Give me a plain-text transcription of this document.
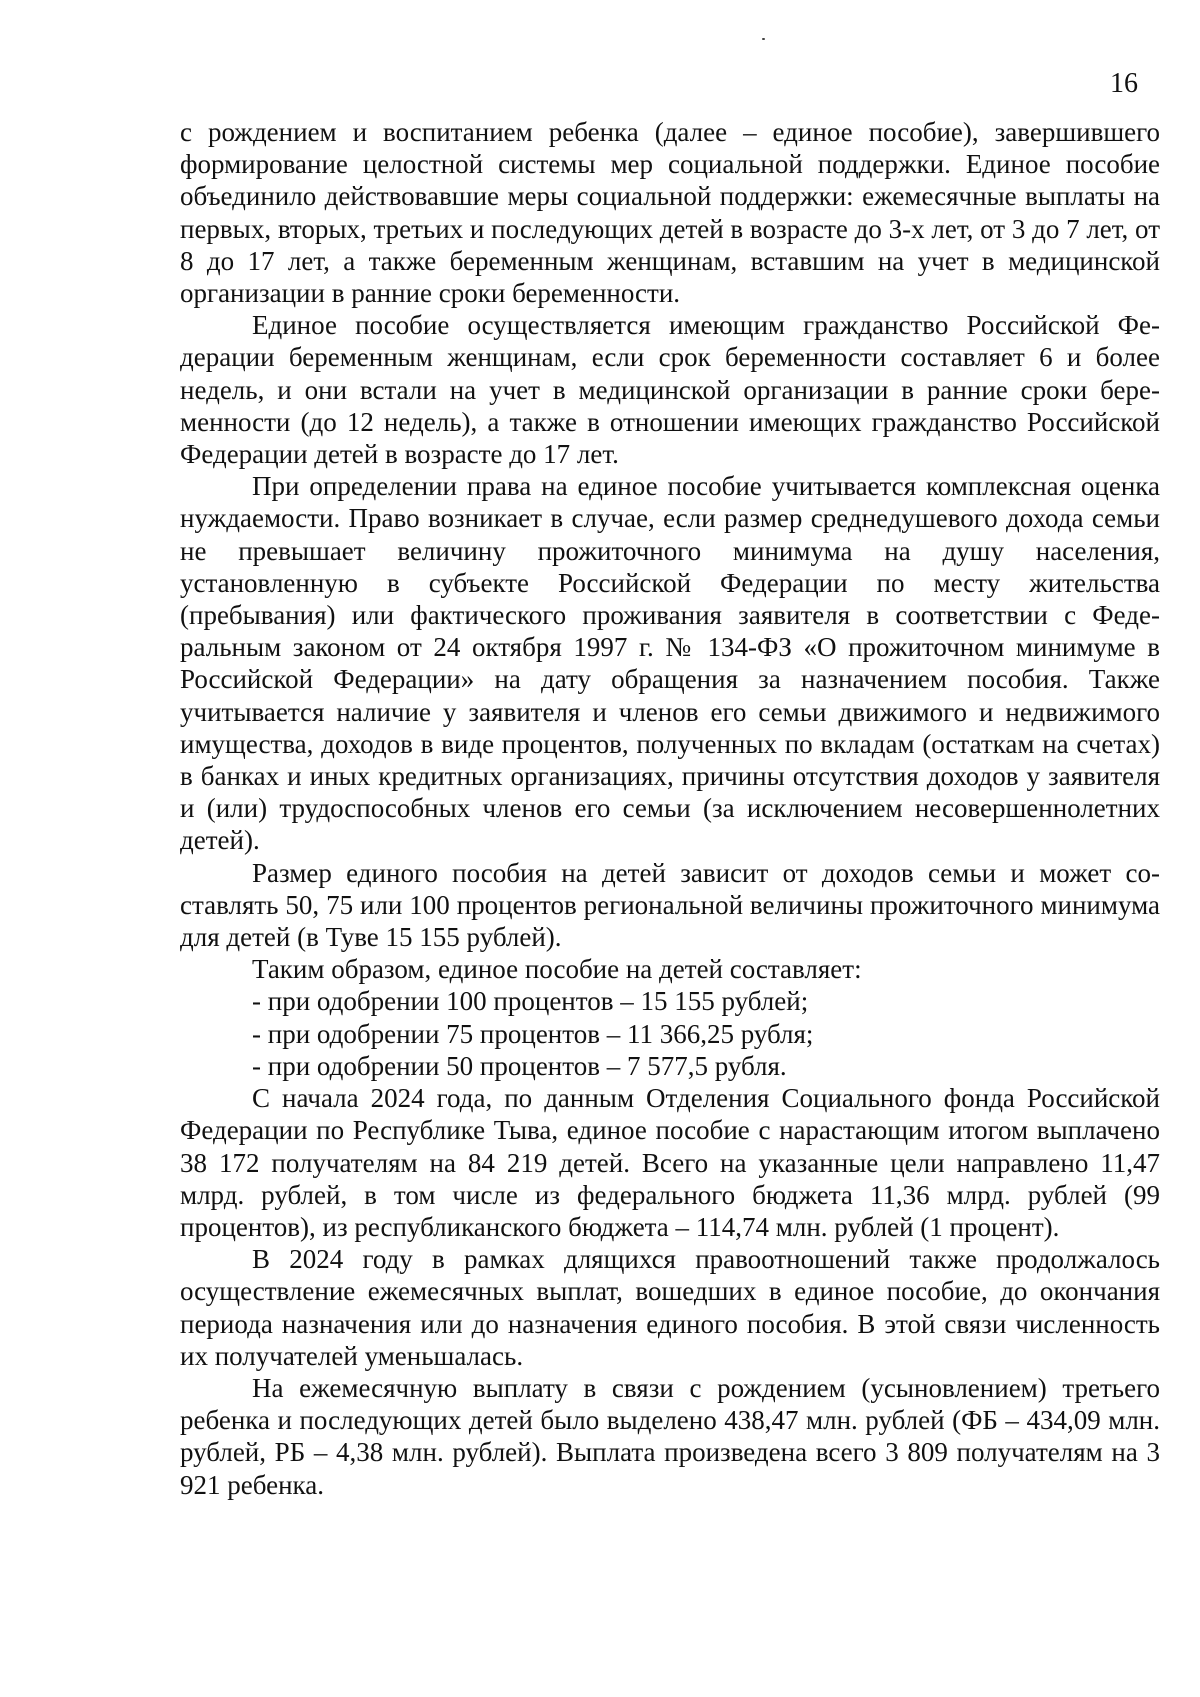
16

с рождением и воспитанием ребенка (далее – единое пособие), завершившего формирование целостной системы мер социальной поддержки. Единое пособие объединило действовавшие меры социальной поддержки: ежемесячные выплаты на первых, вторых, третьих и последующих детей в возрасте до 3-х лет, от 3 до 7 лет, от 8 до 17 лет, а также беременным женщинам, вставшим на учет в медицинской организации в ранние сроки беременности.

Единое пособие осуществляется имеющим гражданство Российской Федерации беременным женщинам, если срок беременности составляет 6 и более недель, и они встали на учет в медицинской организации в ранние сроки беременности (до 12 недель), а также в отношении имеющих гражданство Российской Федерации детей в возрасте до 17 лет.

При определении права на единое пособие учитывается комплексная оценка нуждаемости. Право возникает в случае, если размер среднедушевого дохода семьи не превышает величину прожиточного минимума на душу населения, установленную в субъекте Российской Федерации по месту жительства (пребывания) или фактического проживания заявителя в соответствии с Федеральным законом от 24 октября 1997 г. № 134-ФЗ «О прожиточном минимуме в Российской Федерации» на дату обращения за назначением пособия. Также учитывается наличие у заявителя и членов его семьи движимого и недвижимого имущества, доходов в виде процентов, полученных по вкладам (остаткам на счетах) в банках и иных кредитных организациях, причины отсутствия доходов у заявителя и (или) трудоспособных членов его семьи (за исключением несовершеннолетних детей).

Размер единого пособия на детей зависит от доходов семьи и может составлять 50, 75 или 100 процентов региональной величины прожиточного минимума для детей (в Туве 15 155 рублей).

Таким образом, единое пособие на детей составляет:

- при одобрении 100 процентов – 15 155 рублей;

- при одобрении 75 процентов – 11 366,25 рубля;

- при одобрении 50 процентов – 7 577,5 рубля.

С начала 2024 года, по данным Отделения Социального фонда Российской Федерации по Республике Тыва, единое пособие с нарастающим итогом выплачено 38 172 получателям на 84 219 детей. Всего на указанные цели направлено 11,47 млрд. рублей, в том числе из федерального бюджета 11,36 млрд. рублей (99 процентов), из республиканского бюджета – 114,74 млн. рублей (1 процент).

В 2024 году в рамках длящихся правоотношений также продолжалось осуществление ежемесячных выплат, вошедших в единое пособие, до окончания периода назначения или до назначения единого пособия. В этой связи численность их получателей уменьшалась.

На ежемесячную выплату в связи с рождением (усыновлением) третьего ребенка и последующих детей было выделено 438,47 млн. рублей (ФБ – 434,09 млн. рублей, РБ – 4,38 млн. рублей). Выплата произведена всего 3 809 получателям на 3 921 ребенка.
